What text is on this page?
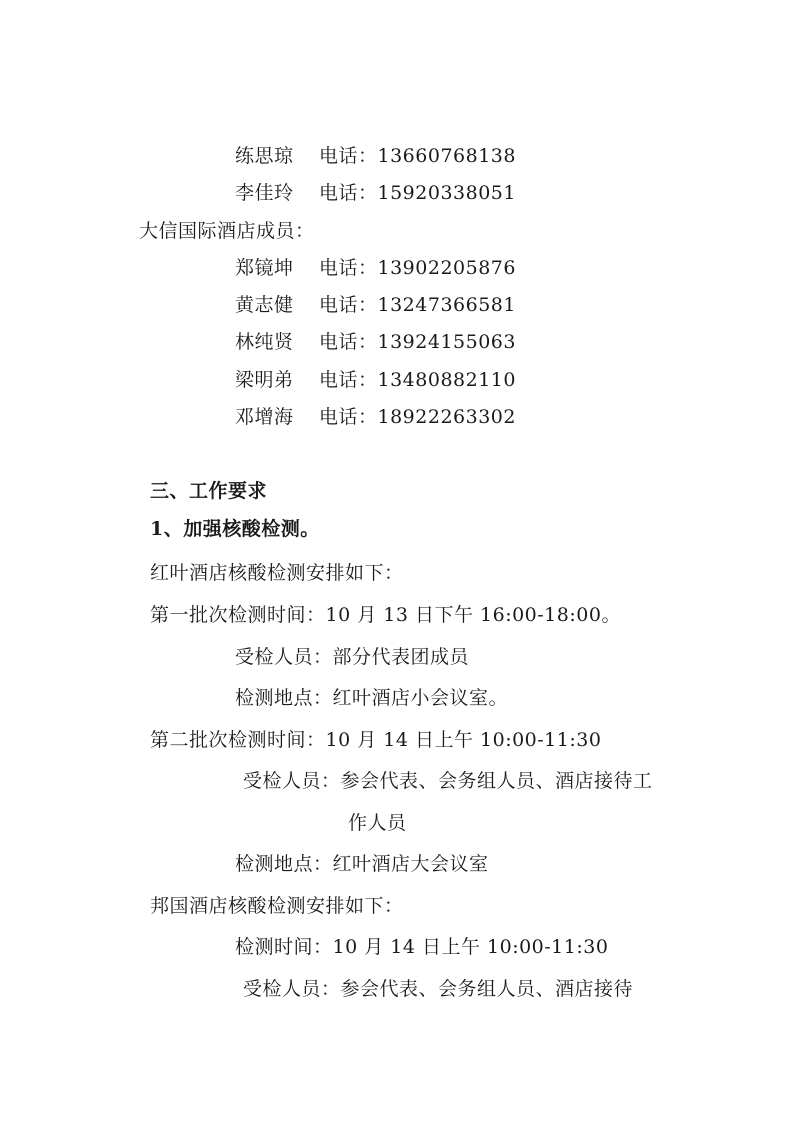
练思琼 电话：13660768138
李佳玲 电话：15920338051
大信国际酒店成员：
郑镜坤 电话：13902205876
黄志健 电话：13247366581
林纯贤 电话：13924155063
梁明弟 电话：13480882110
邓增海 电话：18922263302
三、工作要求
1、加强核酸检测。
红叶酒店核酸检测安排如下：
第一批次检测时间：10 月 13 日下午 16:00-18:00。
受检人员：部分代表团成员
检测地点：红叶酒店小会议室。
第二批次检测时间：10 月 14 日上午 10:00-11:30
受检人员：参会代表、会务组人员、酒店接待工
作人员
检测地点：红叶酒店大会议室
邦国酒店核酸检测安排如下：
检测时间：10 月 14 日上午 10:00-11:30
受检人员：参会代表、会务组人员、酒店接待
